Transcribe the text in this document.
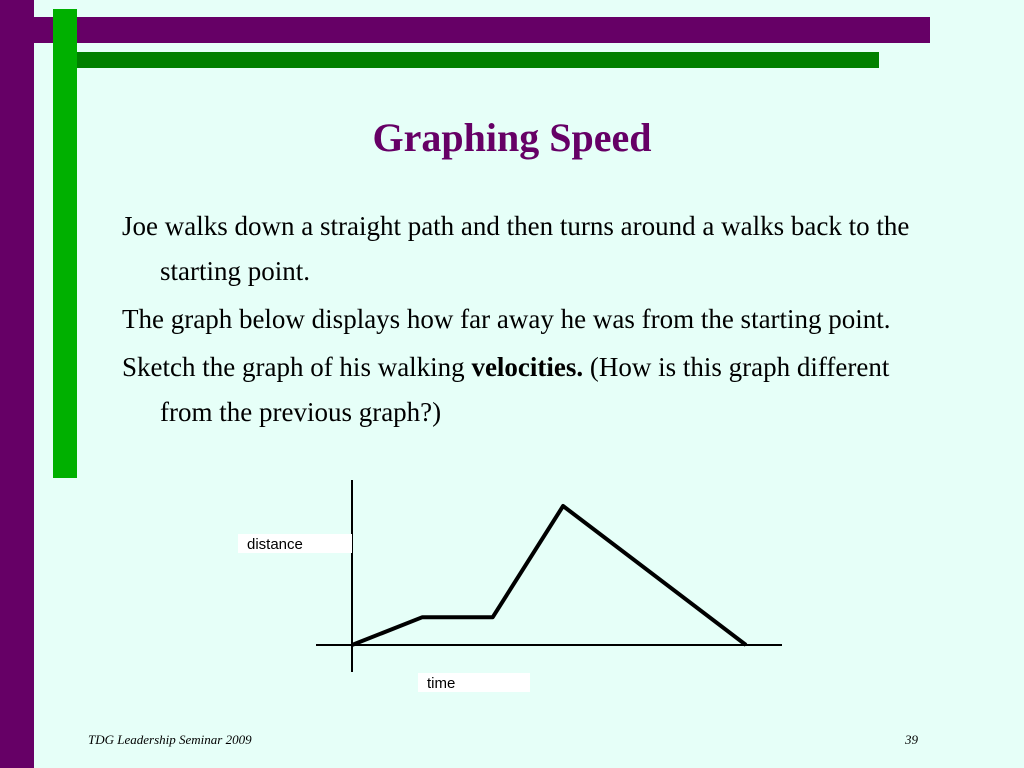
Graphing Speed

Joe walks down a straight path and then turns around a walks back to the starting point.

The graph below displays how far away he was from the starting point.

Sketch the graph of his walking velocities. (How is this graph different from the previous graph?)

distance
time
TDG Leadership Seminar 2009	39
